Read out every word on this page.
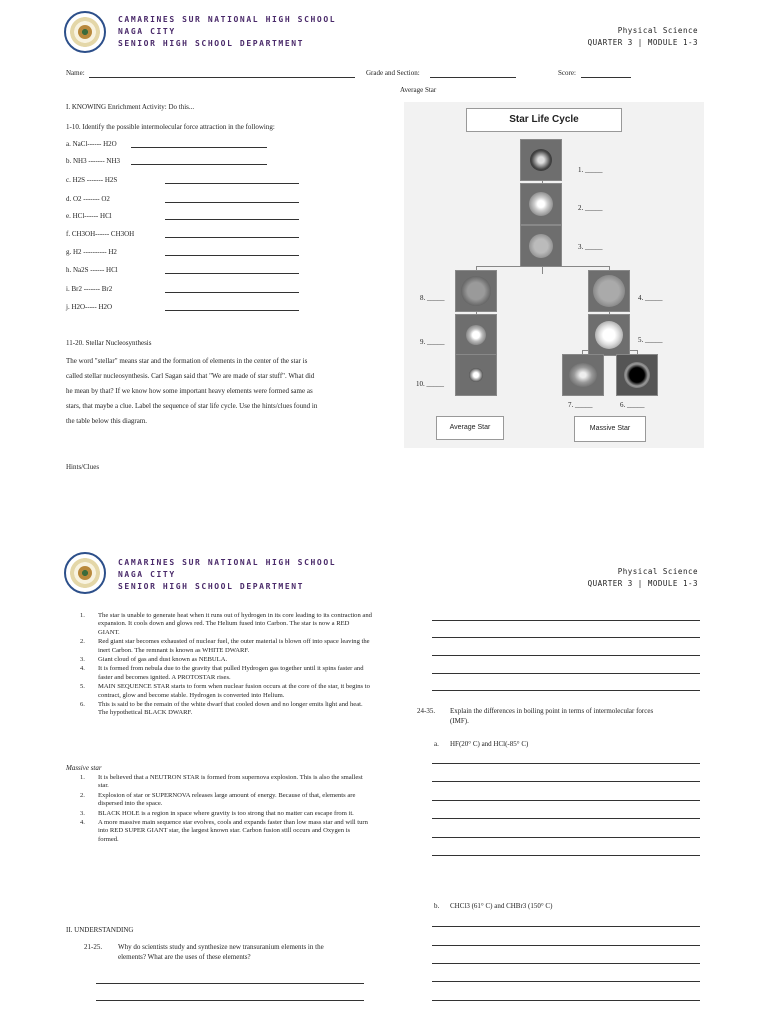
CAMARINES SUR NATIONAL HIGH SCHOOL
NAGA CITY
SENIOR HIGH SCHOOL DEPARTMENT
Physical Science
QUARTER 3 | MODULE 1-3
Name:	Grade and Section:	Score:
Average Star
I. KNOWING Enrichment Activity: Do this...
1-10. Identify the possible intermolecular force attraction in the following:
a. NaCl------ H2O
b. NH3 ------- NH3
c. H2S ------- H2S
d. O2 ------- O2
e. HCl------ HCl
f. CH3OH------ CH3OH
g. H2 ---------- H2
h. Na2S ------ HCl
i. Br2 ------- Br2
j. H2O----- H2O
11-20. Stellar Nucleosynthesis
The word "stellar" means star and the formation of elements in the center of the star is
called stellar nucleosynthesis. Carl Sagan said that "We are made of star stuff". What did
he mean by that? If we know how some important heavy elements were formed same as
stars, that maybe a clue. Label the sequence of star life cycle. Use the hints/clues found in
the table below this diagram.
Hints/Clues
Star Life Cycle
1. _____
2. _____
3. _____
4. _____
5. _____
6. _____
7. _____
8. _____
9. _____
10. _____
Average Star	Massive Star
CAMARINES SUR NATIONAL HIGH SCHOOL
NAGA CITY
SENIOR HIGH SCHOOL DEPARTMENT
Physical Science
QUARTER 3 | MODULE 1-3
1. The star is unable to generate heat when it runs out of hydrogen in its core leading to its contraction and expansion. It cools down and glows red. The Helium fused into Carbon. The star is now a RED GIANT.
2. Red giant star becomes exhausted of nuclear fuel, the outer material is blown off into space leaving the inert Carbon. The remnant is known as WHITE DWARF.
3. Giant cloud of gas and dust known as NEBULA.
4. It is formed from nebula due to the gravity that pulled Hydrogen gas together until it spins faster and faster and becomes ignited. A PROTOSTAR rises.
5. MAIN SEQUENCE STAR starts to form when nuclear fusion occurs at the core of the star, it begins to contract, glow and become stable. Hydrogen is converted into Helium.
6. This is said to be the remain of the white dwarf that cooled down and no longer emits light and heat. The hypothetical BLACK DWARF.
Massive star
1. It is believed that a NEUTRON STAR is formed from supernova explosion. This is also the smallest star.
2. Explosion of star or SUPERNOVA releases large amount of energy. Because of that, elements are dispersed into the space.
3. BLACK HOLE is a region in space where gravity is too strong that no matter can escape from it.
4. A more massive main sequence star evolves, cools and expands faster than low mass star and will turn into RED SUPER GIANT star, the largest known star. Carbon fusion still occurs and Oxygen is formed.
II. UNDERSTANDING
21-25. Why do scientists study and synthesize new transuranium elements in the
elements? What are the uses of these elements?
24-35. Explain the differences in boiling point in terms of intermolecular forces
(IMF).
a. HF(20° C) and HCl(-85° C)
b. CHCl3 (61° C) and CHBr3 (150° C)
